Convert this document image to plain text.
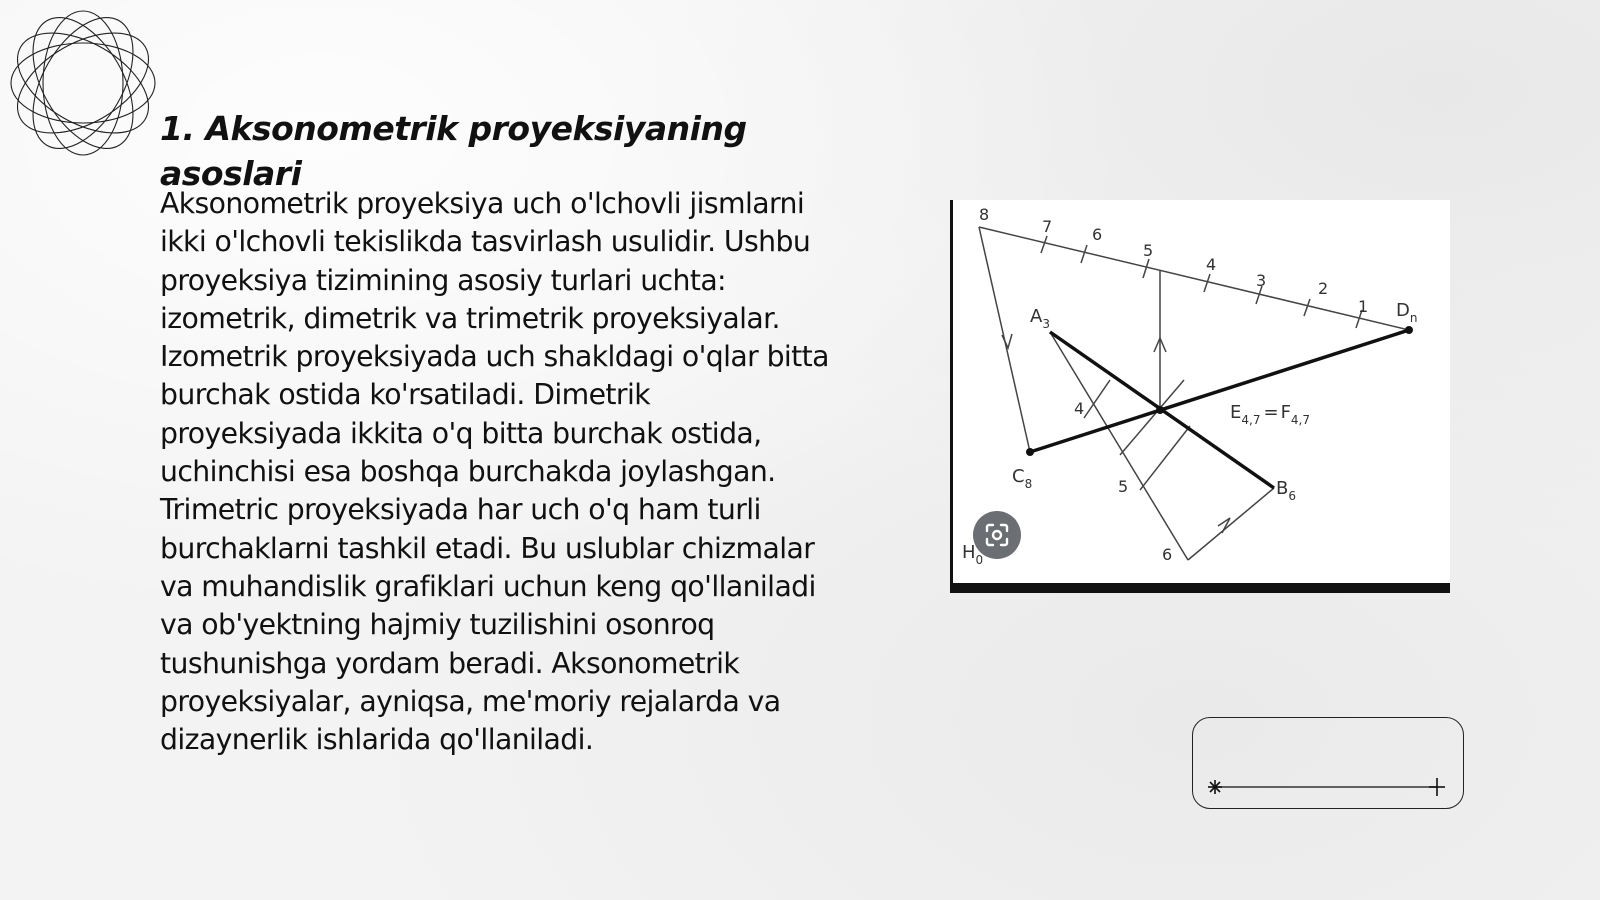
1. Aksonometrik proyeksiyaning asoslari

Aksonometrik proyeksiya uch o'lchovli jismlarni ikki o'lchovli tekislikda tasvirlash usulidir. Ushbu proyeksiya tizimining asosiy turlari uchta: izometrik, dimetrik va trimetrik proyeksiyalar. Izometrik proyeksiyada uch shakldagi o'qlar bitta burchak ostida ko'rsatiladi. Dimetrik proyeksiyada ikkita o'q bitta burchak ostida, uchinchisi esa boshqa burchakda joylashgan. Trimetric proyeksiyada har uch o'q ham turli burchaklarni tashkil etadi. Bu uslublar chizmalar va muhandislik grafiklari uchun keng qo'llaniladi va ob'yektning hajmiy tuzilishini osonroq tushunishga yordam beradi. Aksonometrik proyeksiyalar, ayniqsa, me'moriy rejalarda va dizaynerlik ishlarida qo'llaniladi.

8
7 6
5
4
3	2
1
$A_3$
$D_n$
$C_8$	$B_6$
$H_0$
$E_{4,7} = F_{4,7}$
4
5
6
